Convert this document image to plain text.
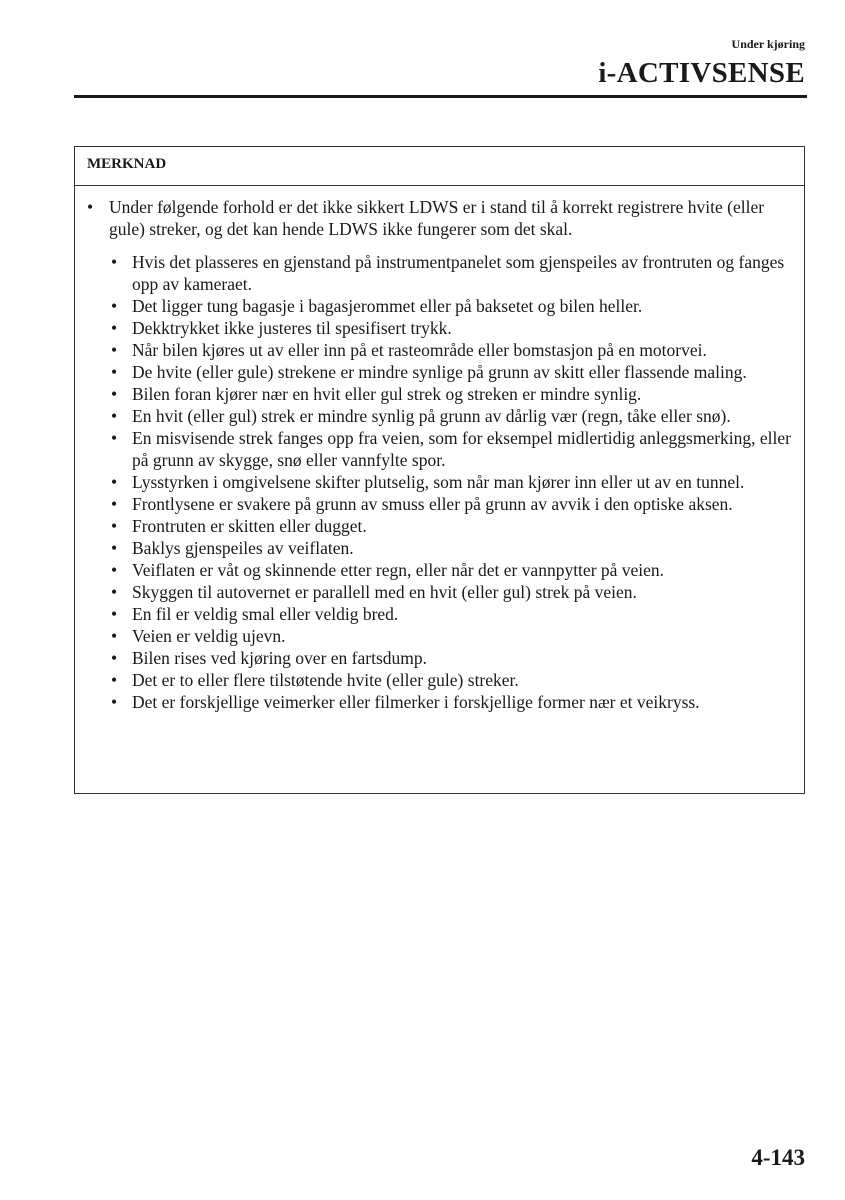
Under kjøring
i-ACTIVSENSE
MERKNAD
• Under følgende forhold er det ikke sikkert LDWS er i stand til å korrekt registrere hvite (eller gule) streker, og det kan hende LDWS ikke fungerer som det skal.
• Hvis det plasseres en gjenstand på instrumentpanelet som gjenspeiles av frontruten og fanges opp av kameraet.
• Det ligger tung bagasje i bagasjerommet eller på baksetet og bilen heller.
• Dekktrykket ikke justeres til spesifisert trykk.
• Når bilen kjøres ut av eller inn på et rasteområde eller bomstasjon på en motorvei.
• De hvite (eller gule) strekene er mindre synlige på grunn av skitt eller flassende maling.
• Bilen foran kjører nær en hvit eller gul strek og streken er mindre synlig.
• En hvit (eller gul) strek er mindre synlig på grunn av dårlig vær (regn, tåke eller snø).
• En misvisende strek fanges opp fra veien, som for eksempel midlertidig anleggsmerking, eller på grunn av skygge, snø eller vannfylte spor.
• Lysstyrken i omgivelsene skifter plutselig, som når man kjører inn eller ut av en tunnel.
• Frontlysene er svakere på grunn av smuss eller på grunn av avvik i den optiske aksen.
• Frontruten er skitten eller dugget.
• Baklys gjenspeiles av veiflaten.
• Veiflaten er våt og skinnende etter regn, eller når det er vannpytter på veien.
• Skyggen til autovernet er parallell med en hvit (eller gul) strek på veien.
• En fil er veldig smal eller veldig bred.
• Veien er veldig ujevn.
• Bilen rises ved kjøring over en fartsdump.
• Det er to eller flere tilstøtende hvite (eller gule) streker.
• Det er forskjellige veimerker eller filmerker i forskjellige former nær et veikryss.
4-143
